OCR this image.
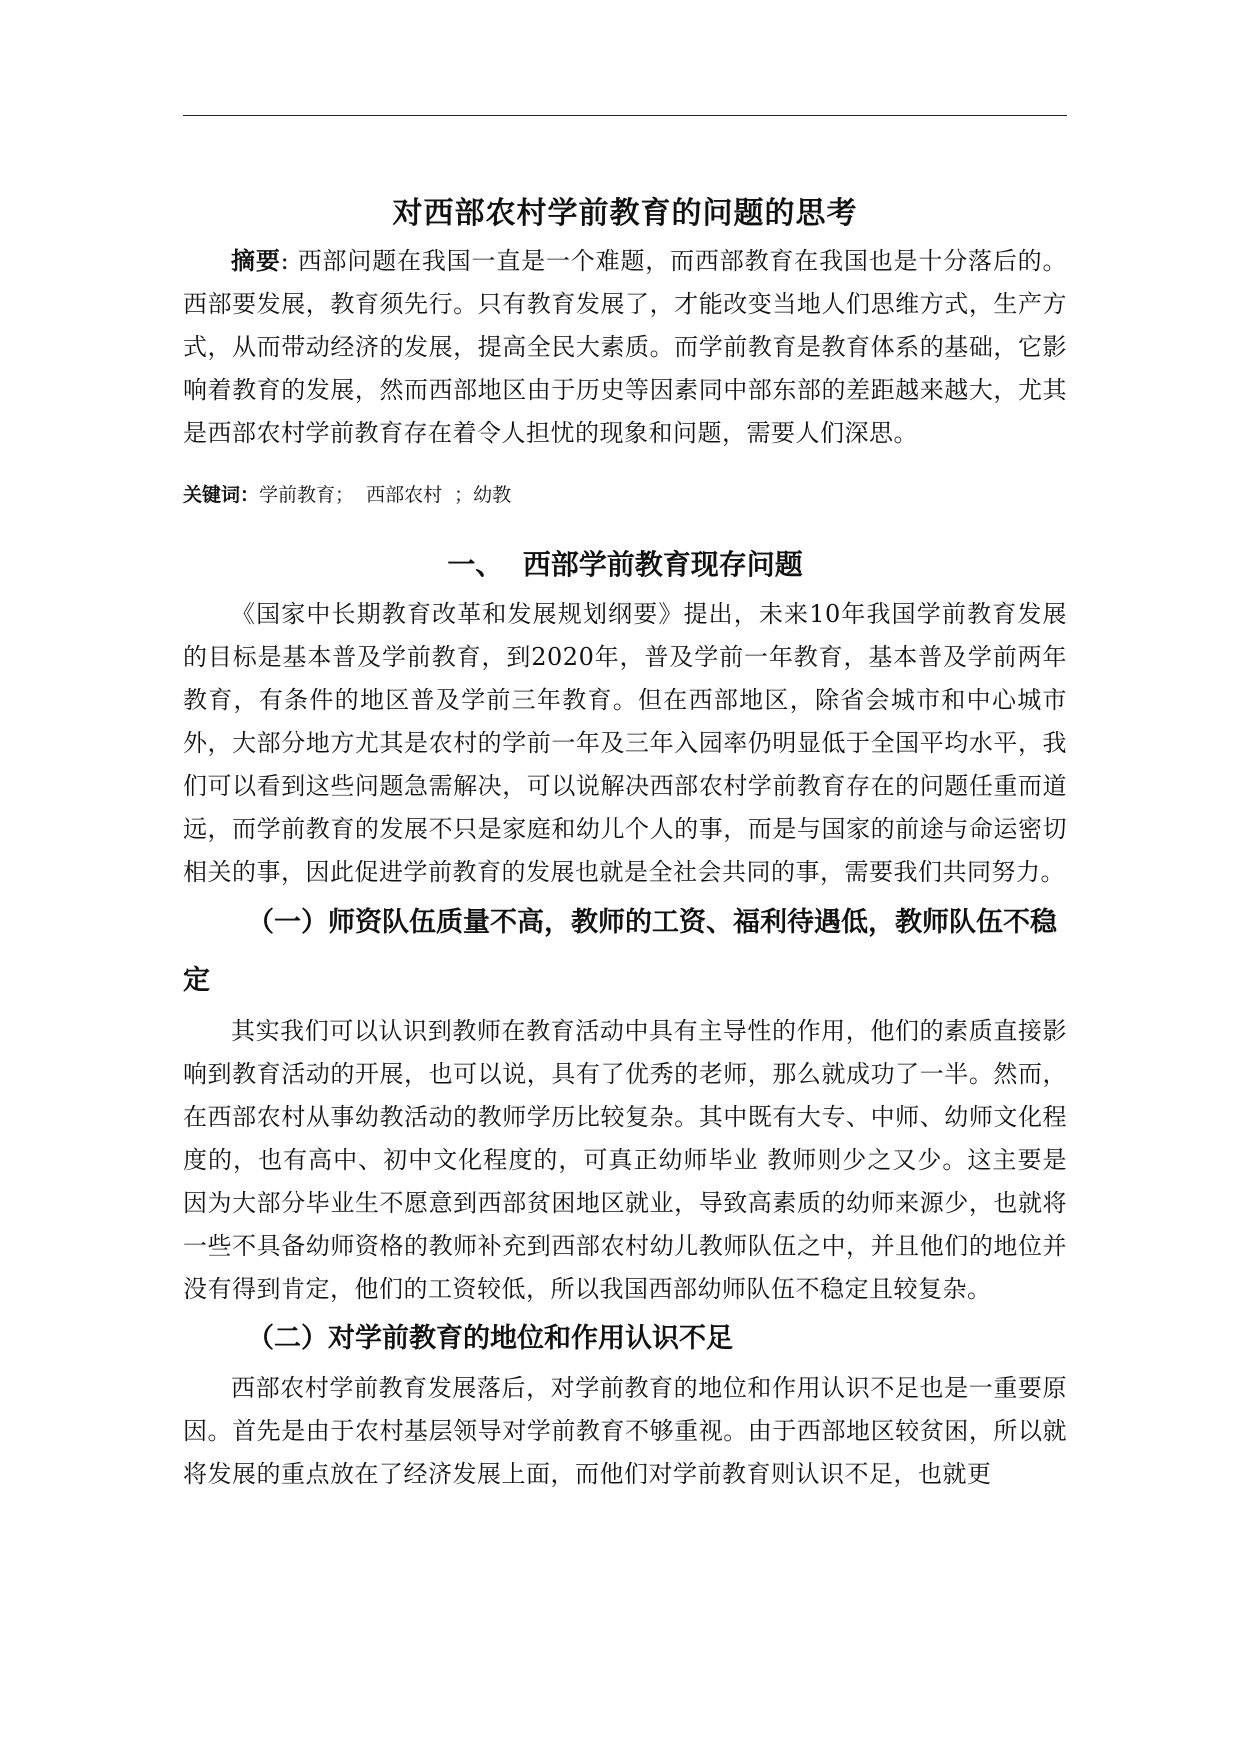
对西部农村学前教育的问题的思考

摘要: 西部问题在我国一直是一个难题，而西部教育在我国也是十分落后的。西部要发展，教育须先行。只有教育发展了，才能改变当地人们思维方式，生产方式，从而带动经济的发展，提高全民大素质。而学前教育是教育体系的基础，它影响着教育的发展，然而西部地区由于历史等因素同中部东部的差距越来越大，尤其是西部农村学前教育存在着令人担忧的现象和问题，需要人们深思。

关键词：学前教育；  西部农村  ；幼教

一、  西部学前教育现存问题

《国家中长期教育改革和发展规划纲要》提出，未来10年我国学前教育发展的目标是基本普及学前教育，到2020年，普及学前一年教育，基本普及学前两年教育，有条件的地区普及学前三年教育。但在西部地区，除省会城市和中心城市外，大部分地方尤其是农村的学前一年及三年入园率仍明显低于全国平均水平，我们可以看到这些问题急需解决，可以说解决西部农村学前教育存在的问题任重而道远，而学前教育的发展不只是家庭和幼儿个人的事，而是与国家的前途与命运密切相关的事，因此促进学前教育的发展也就是全社会共同的事，需要我们共同努力。

（一）师资队伍质量不高，教师的工资、福利待遇低，教师队伍不稳定

其实我们可以认识到教师在教育活动中具有主导性的作用，他们的素质直接影响到教育活动的开展，也可以说，具有了优秀的老师，那么就成功了一半。然而，在西部农村从事幼教活动的教师学历比较复杂。其中既有大专、中师、幼师文化程度的，也有高中、初中文化程度的，可真正幼师毕业 教师则少之又少。这主要是因为大部分毕业生不愿意到西部贫困地区就业，导致高素质的幼师来源少，也就将一些不具备幼师资格的教师补充到西部农村幼儿教师队伍之中，并且他们的地位并没有得到肯定，他们的工资较低，所以我国西部幼师队伍不稳定且较复杂。

（二）对学前教育的地位和作用认识不足

西部农村学前教育发展落后，对学前教育的地位和作用认识不足也是一重要原因。首先是由于农村基层领导对学前教育不够重视。由于西部地区较贫困，所以就将发展的重点放在了经济发展上面，而他们对学前教育则认识不足，也就更
